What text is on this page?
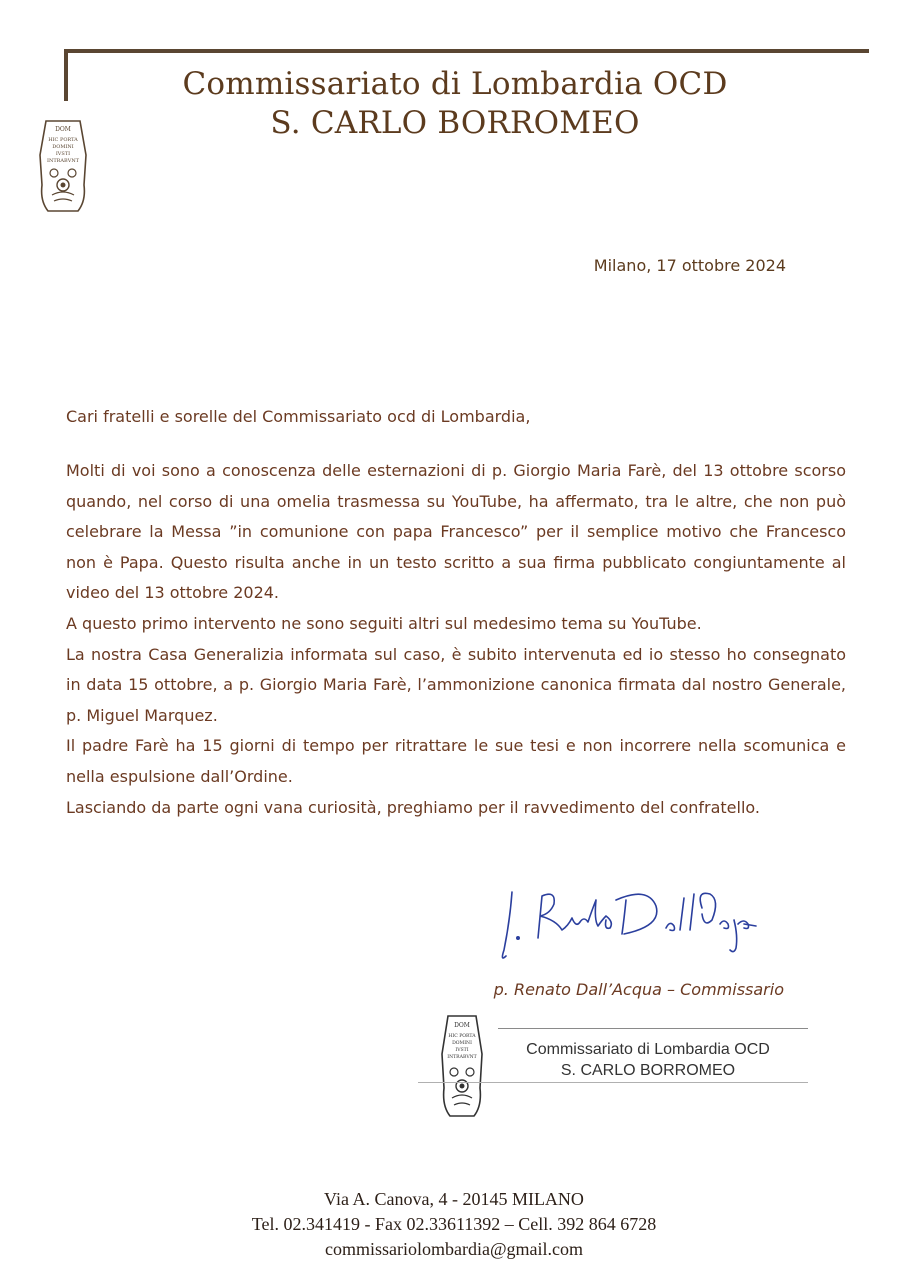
DOM
HIC PORTA
DOMINI
IVSTI
INTRABVNT
Commissariato di Lombardia OCD
S. CARLO BORROMEO
Milano, 17 ottobre 2024
Cari fratelli e sorelle del Commissariato ocd di Lombardia,

Molti di voi sono a conoscenza delle esternazioni di p. Giorgio Maria Farè, del 13 ottobre scorso quando, nel corso di una omelia trasmessa su YouTube, ha affermato, tra le altre, che non può celebrare la Messa ”in comunione con papa Francesco” per il semplice motivo che Francesco non è Papa. Questo risulta anche in un testo scritto a sua firma pubblicato congiuntamente al video del 13 ottobre 2024.

A questo primo intervento ne sono seguiti altri sul medesimo tema su YouTube.

La nostra Casa Generalizia informata sul caso, è subito intervenuta ed io stesso ho consegnato in data 15 ottobre, a p. Giorgio Maria Farè, l’ammonizione canonica firmata dal nostro Generale, p. Miguel Marquez.

Il padre Farè ha 15 giorni di tempo per ritrattare le sue tesi e non incorrere nella scomunica e nella espulsione dall’Ordine.

Lasciando da parte ogni vana curiosità, preghiamo per il ravvedimento del confratello.

p. Renato Dall’Acqua – Commissario
DOM
HIC PORTA
DOMINI
IVSTI
INTRABVNT	Commissariato di Lombardia OCD
S. CARLO BORROMEO
Via A. Canova, 4 - 20145 MILANO
Tel. 02.341419 - Fax 02.33611392 – Cell. 392 864 6728
commissariolombardia@gmail.com
